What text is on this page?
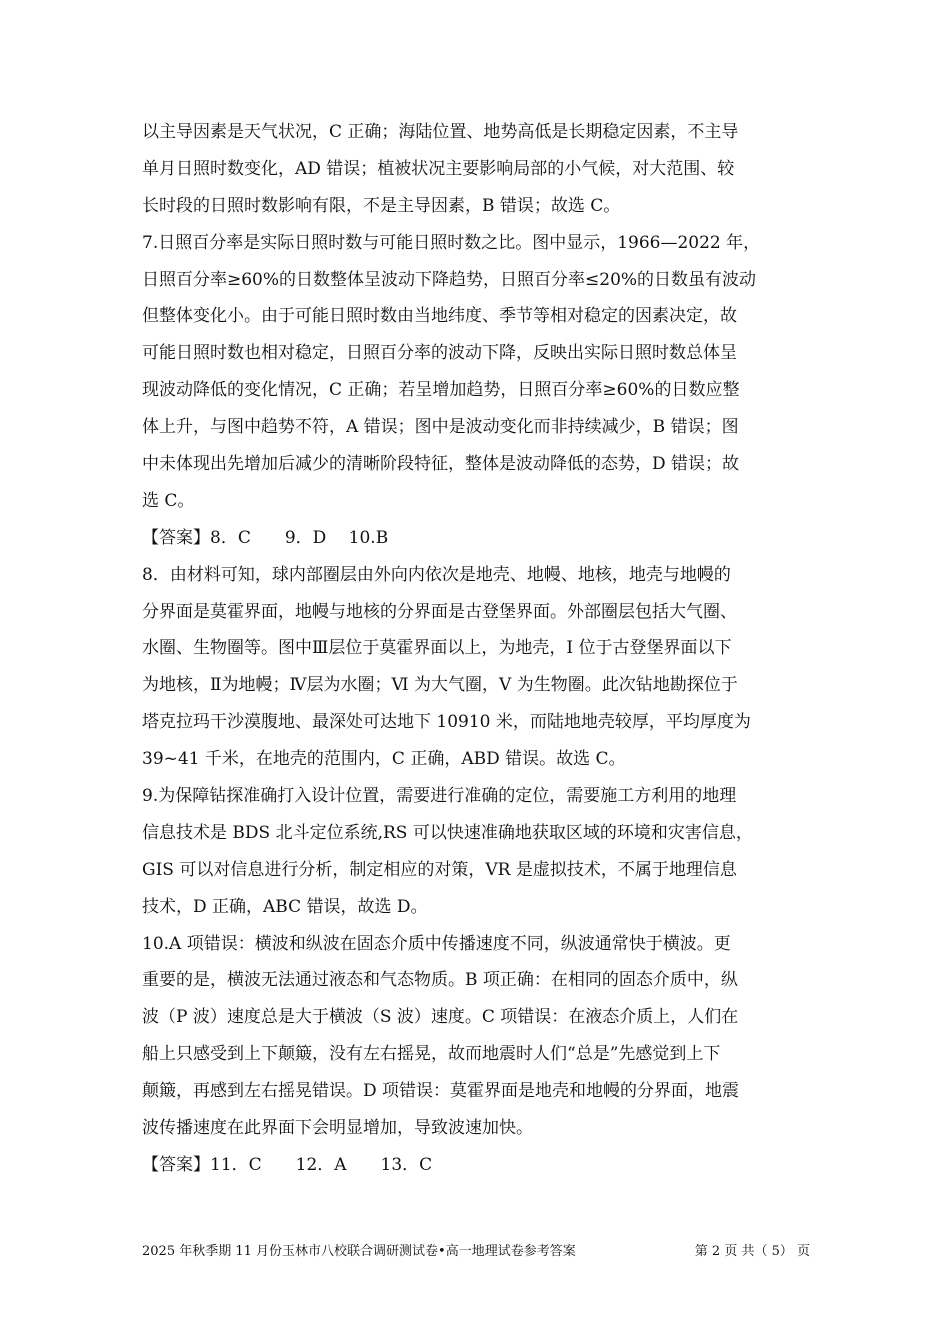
以主导因素是天气状况，C 正确；海陆位置、地势高低是长期稳定因素，不主导
单月日照时数变化，AD 错误；植被状况主要影响局部的小气候，对大范围、较
长时段的日照时数影响有限，不是主导因素，B 错误；故选 C。
7.日照百分率是实际日照时数与可能日照时数之比。图中显示，1966—2022 年，
日照百分率≥60%的日数整体呈波动下降趋势，日照百分率≤20%的日数虽有波动
但整体变化小。由于可能日照时数由当地纬度、季节等相对稳定的因素决定，故
可能日照时数也相对稳定，日照百分率的波动下降，反映出实际日照时数总体呈
现波动降低的变化情况，C 正确；若呈增加趋势，日照百分率≥60%的日数应整
体上升，与图中趋势不符，A 错误；图中是波动变化而非持续减少，B 错误；图
中未体现出先增加后减少的清晰阶段特征，整体是波动降低的态势，D 错误；故
选 C。
【答案】8．C　　9．D　 10.B
8．由材料可知，球内部圈层由外向内依次是地壳、地幔、地核，地壳与地幔的
分界面是莫霍界面，地幔与地核的分界面是古登堡界面。外部圈层包括大气圈、
水圈、生物圈等。图中Ⅲ层位于莫霍界面以上，为地壳，I 位于古登堡界面以下
为地核，Ⅱ为地幔；Ⅳ层为水圈；Ⅵ 为大气圈，Ⅴ 为生物圈。此次钻地勘探位于
塔克拉玛干沙漠腹地、最深处可达地下 10910 米，而陆地地壳较厚，平均厚度为
39~41 千米，在地壳的范围内，C 正确，ABD 错误。故选 C。
9.为保障钻探准确打入设计位置，需要进行准确的定位，需要施工方利用的地理
信息技术是 BDS 北斗定位系统,RS 可以快速准确地获取区域的环境和灾害信息，
GIS 可以对信息进行分析，制定相应的对策，VR 是虚拟技术，不属于地理信息
技术，D 正确，ABC 错误，故选 D。
10.A 项错误：横波和纵波在固态介质中传播速度不同，纵波通常快于横波。更
重要的是，横波无法通过液态和气态物质。B 项正确：在相同的固态介质中，纵
波（P 波）速度总是大于横波（S 波）速度。C 项错误：在液态介质上，人们在
船上只感受到上下颠簸，没有左右摇晃，故而地震时人们“总是”先感觉到上下
颠簸，再感到左右摇晃错误。D 项错误：莫霍界面是地壳和地幔的分界面，地震
波传播速度在此界面下会明显增加，导致波速加快。
【答案】11．C　　12．A　　13．C
2025 年秋季期 11 月份玉林市八校联合调研测试卷•高一地理试卷参考答案	第 2 页 共（ 5） 页
